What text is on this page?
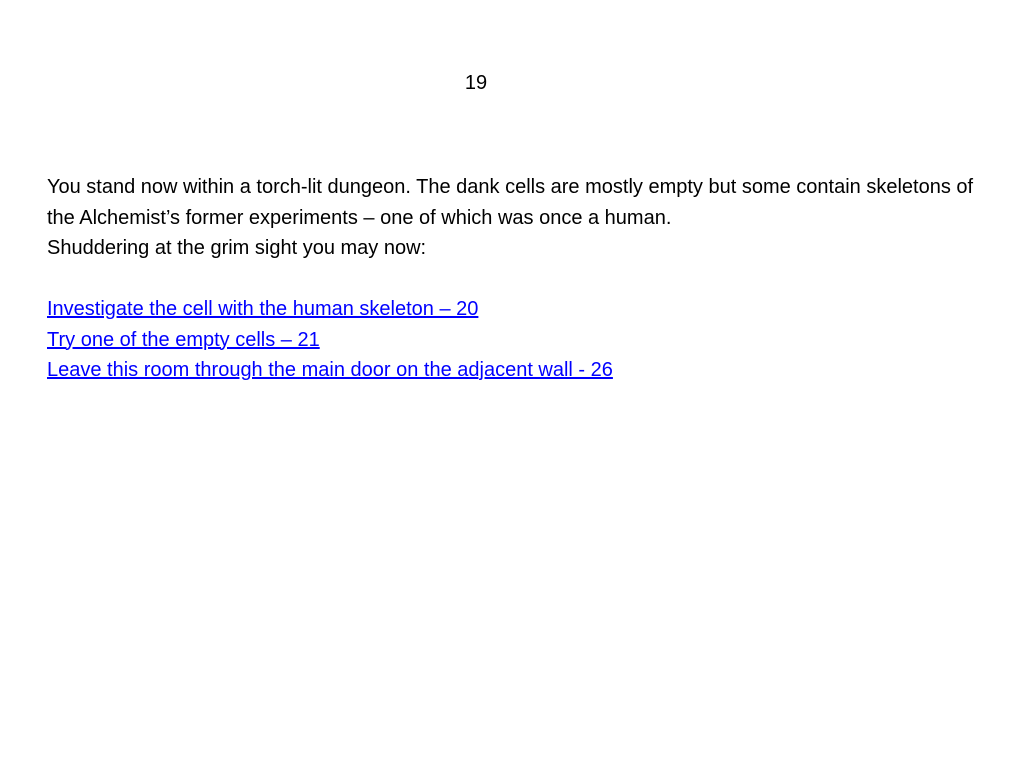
19

You stand now within a torch-lit dungeon. The dank cells are mostly empty but some contain skeletons of the Alchemist’s former experiments – one of which was once a human.

Shuddering at the grim sight you may now:

Investigate the cell with the human skeleton – 20
Try one of the empty cells – 21
Leave this room through the main door on the adjacent wall - 26
